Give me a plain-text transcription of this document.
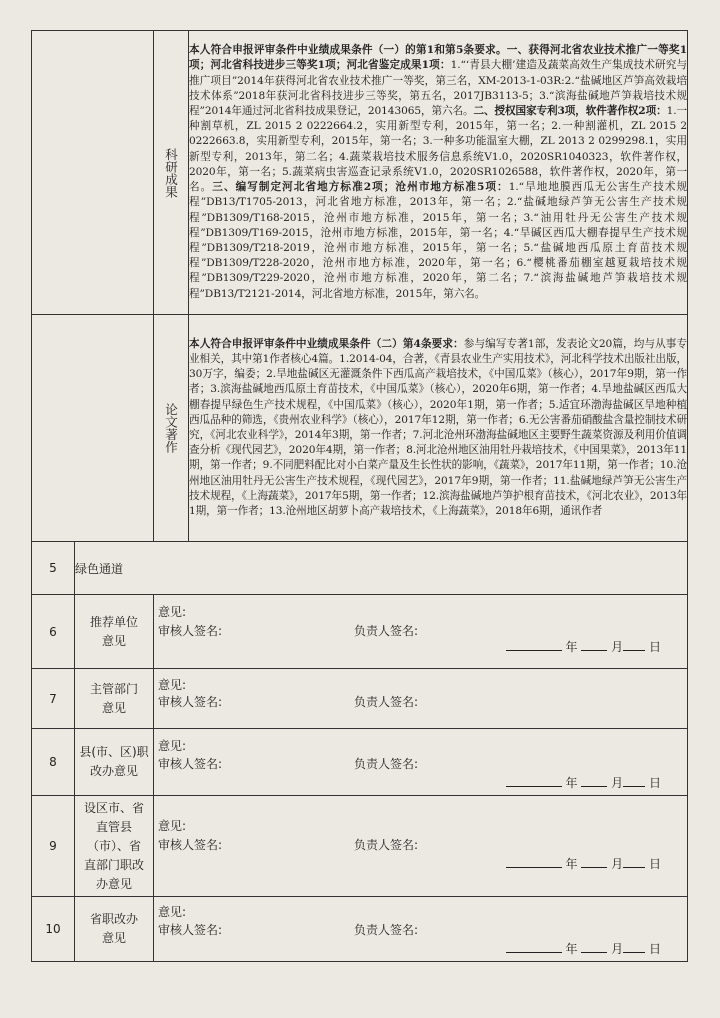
		科研成果	本人符合申报评审条件中业绩成果条件（一）的第1和第5条要求。一、获得河北省农业技术推广一等奖1项；河北省科技进步三等奖1项；河北省鉴定成果1项：1.“‘青县大棚’建造及蔬菜高效生产集成技术研究与推广项目”2014年获得河北省农业技术推广一等奖，第三名，XM-2013-1-03R:2.“盐碱地区芦笋高效栽培技术体系”2018年获河北省科技进步三等奖，第五名，2017JB3113-5；3.“滨海盐碱地芦笋栽培技术规程”2014年通过河北省科技成果登记，20143065，第六名。二、授权国家专利3项，软件著作权2项：1.一种割草机，ZL 2015 2 0222664.2，实用新型专利，2015年，第一名；2.一种割灌机，ZL 2015 2 0222663.8，实用新型专利，2015年，第一名；3.一种多功能温室大棚，ZL 2013 2 0299298.1，实用新型专利，2013年，第二名；4.蔬菜栽培技术服务信息系统V1.0，2020SR1040323，软件著作权，2020年，第一名；5.蔬菜病虫害巡查记录系统V1.0，2020SR1026588，软件著作权，2020年，第一名。三、编写制定河北省地方标准2项；沧州市地方标准5项：1.“旱地地膜西瓜无公害生产技术规程”DB13/T1705-2013，河北省地方标准，2013年，第一名；2.“盐碱地绿芦笋无公害生产技术规程”DB1309/T168-2015，沧州市地方标准，2015年，第一名；3.“油用牡丹无公害生产技术规程”DB1309/T169-2015，沧州市地方标准，2015年，第一名；4.“旱碱区西瓜大棚春提早生产技术规程”DB1309/T218-2019，沧州市地方标准，2015年，第一名；5.“盐碱地西瓜原土育苗技术规程”DB1309/T228-2020，沧州市地方标准，2020年，第一名；6.“樱桃番茄棚室越夏栽培技术规程”DB1309/T229-2020，沧州市地方标准，2020年，第二名；7.“滨海盐碱地芦笋栽培技术规程”DB13/T2121-2014，河北省地方标准，2015年，第六名。
		论文著作	本人符合申报评审条件中业绩成果条件（二）第4条要求：参与编写专著1部，发表论文20篇，均与从事专业相关，其中第1作者核心4篇。1.2014-04，合著，《青县农业生产实用技术》，河北科学技术出版社出版，30万字，编委；2.旱地盐碱区无灌溉条件下西瓜高产栽培技术，《中国瓜菜》（核心），2017年9期，第一作者；3.滨海盐碱地西瓜原土育苗技术，《中国瓜菜》（核心），2020年6期，第一作者；4.旱地盐碱区西瓜大棚春提早绿色生产技术规程，《中国瓜菜》（核心），2020年1期，第一作者；5.适宜环渤海盐碱区旱地种植西瓜品种的筛选，《贵州农业科学》（核心），2017年12期，第一作者；6.无公害番茄硝酸盐含量控制技术研究，《河北农业科学》，2014年3期，第一作者；7.河北沧州环渤海盐碱地区主要野生蔬菜资源及利用价值调查分析《现代园艺》，2020年4期，第一作者；8.河北沧州地区油用牡丹栽培技术，《中国果菜》，2013年11期，第一作者；9.不同肥料配比对小白菜产量及生长性状的影响，《蔬菜》，2017年11期，第一作者；10.沧州地区油用牡丹无公害生产技术规程，《现代园艺》，2017年9期，第一作者；11.盐碱地绿芦笋无公害生产技术规程，《上海蔬菜》，2017年5期，第一作者；12.滨海盐碱地芦笋护根育苗技术，《河北农业》，2013年1期，第一作者；13.沧州地区胡萝卜高产栽培技术，《上海蔬菜》，2018年6期，通讯作者
5	绿色通道		
6	推荐单位意见	意见:
审核人签名: 负责人签名:
年 月 日	

7	主管部门意见	意见:
审核人签名: 负责人签名:	

8	县(市、区)职改办意见	意见:
审核人签名: 负责人签名:
年 月 日	

9	设区市、省直管县（市）、省直部门职改办意见	意见:
审核人签名: 负责人签名:
年 月 日	

10	省职改办意见	意见:
审核人签名: 负责人签名:
年 月 日	
